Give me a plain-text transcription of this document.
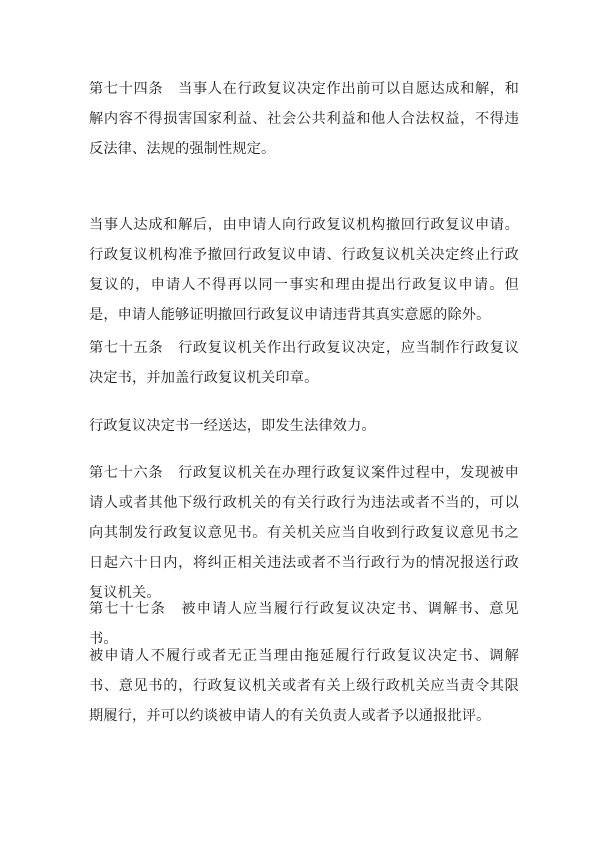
第七十四条　当事人在行政复议决定作出前可以自愿达成和解，和解内容不得损害国家利益、社会公共利益和他人合法权益，不得违反法律、法规的强制性规定。

当事人达成和解后，由申请人向行政复议机构撤回行政复议申请。行政复议机构准予撤回行政复议申请、行政复议机关决定终止行政复议的，申请人不得再以同一事实和理由提出行政复议申请。但是，申请人能够证明撤回行政复议申请违背其真实意愿的除外。

第七十五条　行政复议机关作出行政复议决定，应当制作行政复议决定书，并加盖行政复议机关印章。

行政复议决定书一经送达，即发生法律效力。

第七十六条　行政复议机关在办理行政复议案件过程中，发现被申请人或者其他下级行政机关的有关行政行为违法或者不当的，可以向其制发行政复议意见书。有关机关应当自收到行政复议意见书之日起六十日内，将纠正相关违法或者不当行政行为的情况报送行政复议机关。

第七十七条　被申请人应当履行行政复议决定书、调解书、意见书。

被申请人不履行或者无正当理由拖延履行行政复议决定书、调解书、意见书的，行政复议机关或者有关上级行政机关应当责令其限期履行，并可以约谈被申请人的有关负责人或者予以通报批评。
